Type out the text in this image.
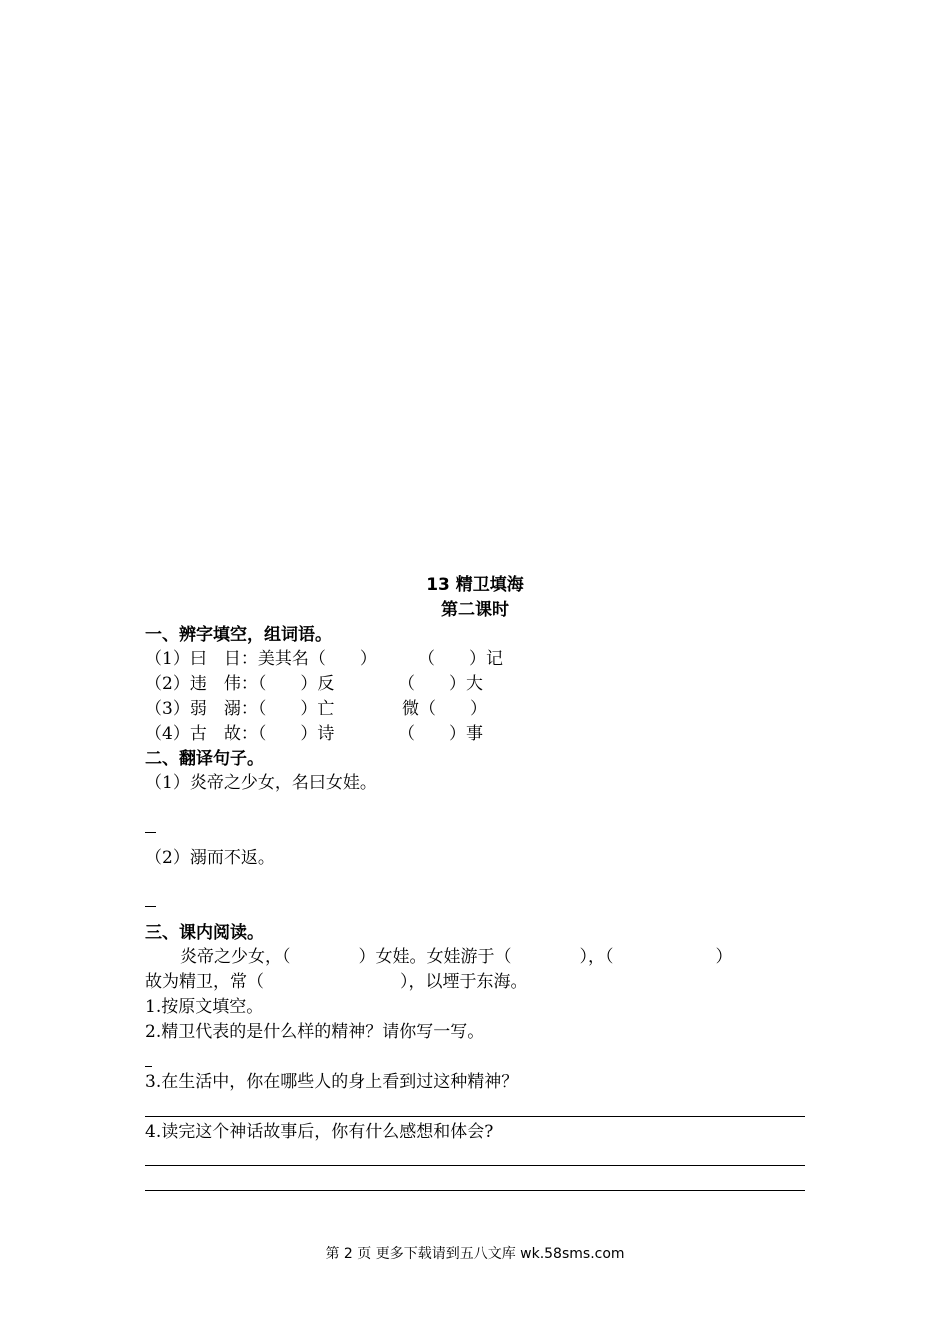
13 精卫填海
第二课时
一、辨字填空，组词语。
（1）曰　日：美其名（　　） （　　）记
（2）违　伟：（　　）反	（　　）大
（3）弱　溺：（　　）亡	微（　　）
（4）古　故：（　　）诗	（　　）事
二、翻译句子。
（1）炎帝之少女，名曰女娃。
（2）溺而不返。
三、课内阅读。
炎帝之少女，（　　　　）女娃。女娃游于（　　　　），（　　　　　　）
故为精卫，常（　　　　　　　　），以堙于东海。
1.按原文填空。
2.精卫代表的是什么样的精神？请你写一写。
3.在生活中，你在哪些人的身上看到过这种精神？
4.读完这个神话故事后，你有什么感想和体会?
第 2 页 更多下载请到五八文库 wk.58sms.com
